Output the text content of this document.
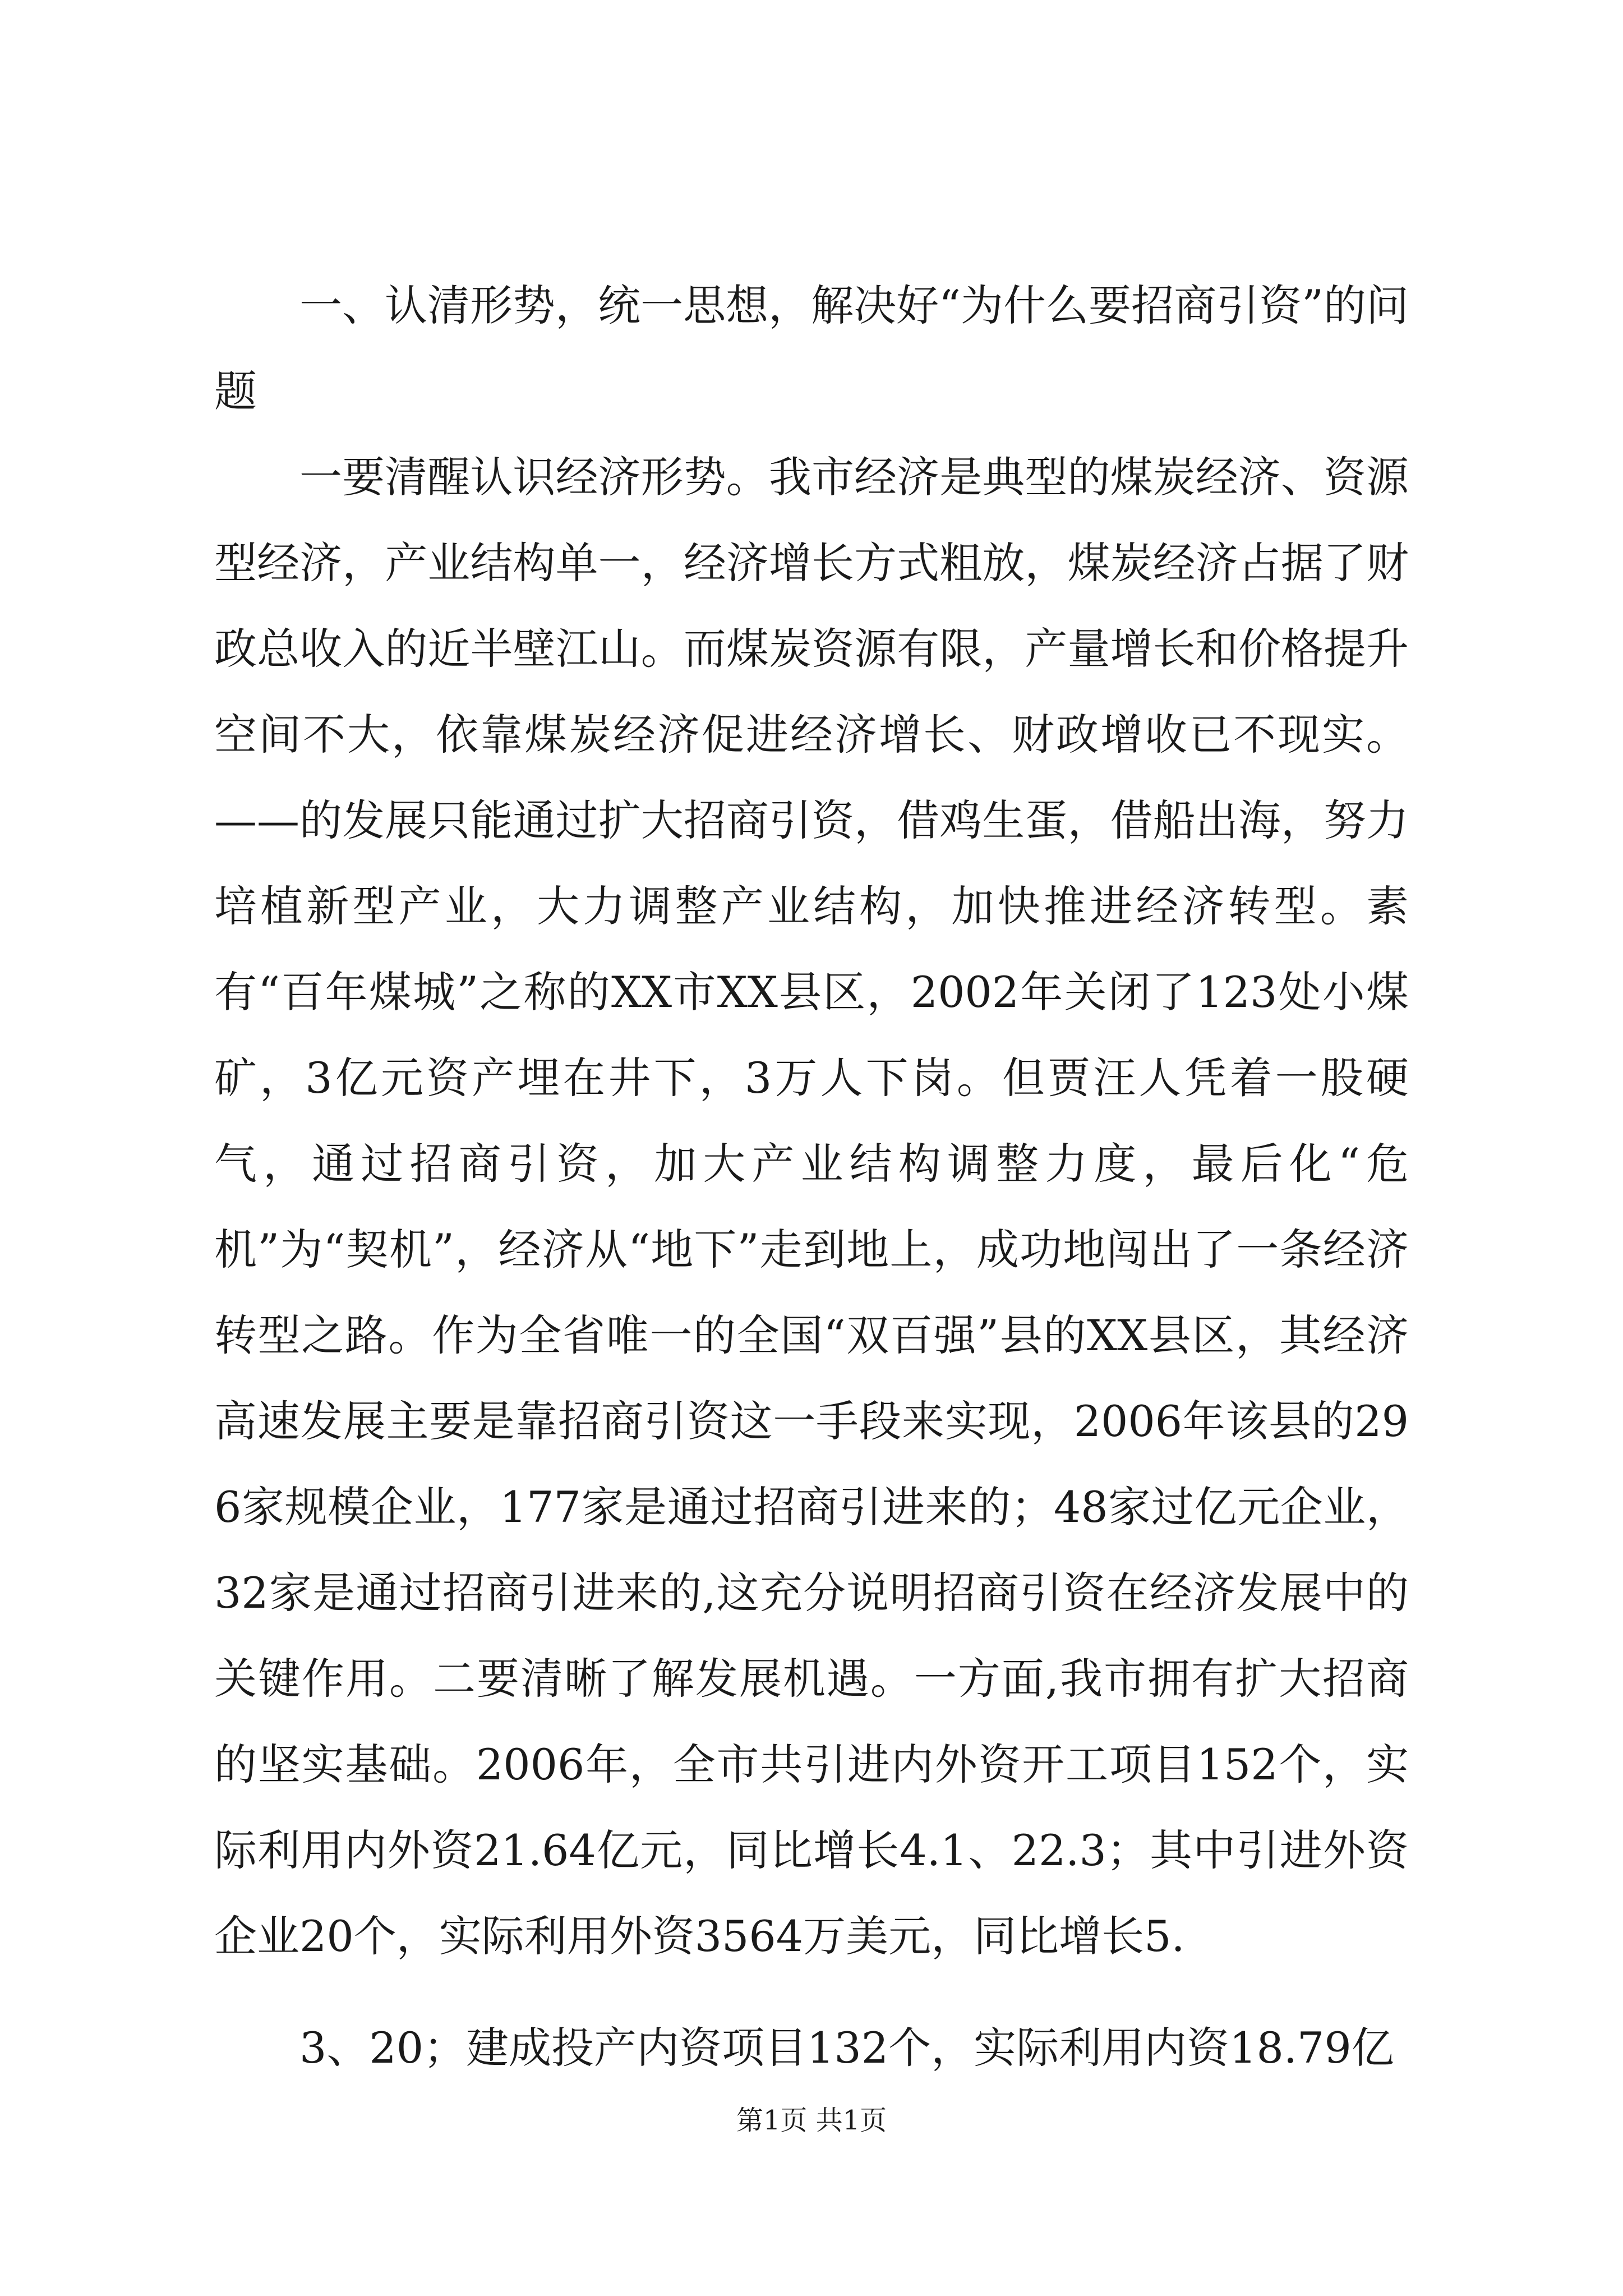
一、认清形势，统一思想，解决好“为什么要招商引资”的问题

一要清醒认识经济形势。我市经济是典型的煤炭经济、资源型经济，产业结构单一，经济增长方式粗放，煤炭经济占据了财政总收入的近半壁江山。而煤炭资源有限，产量增长和价格提升空间不大，依靠煤炭经济促进经济增长、财政增收已不现实。——的发展只能通过扩大招商引资，借鸡生蛋，借船出海，努力培植新型产业，大力调整产业结构，加快推进经济转型。素有“百年煤城”之称的XX市XX县区，2002年关闭了123处小煤矿，3亿元资产埋在井下，3万人下岗。但贾汪人凭着一股硬气，通过招商引资，加大产业结构调整力度，最后化“危机”为“契机”，经济从“地下”走到地上，成功地闯出了一条经济转型之路。作为全省唯一的全国“双百强”县的XX县区，其经济高速发展主要是靠招商引资这一手段来实现，2006年该县的296家规模企业，177家是通过招商引进来的；48家过亿元企业，32家是通过招商引进来的,这充分说明招商引资在经济发展中的关键作用。二要清晰了解发展机遇。一方面,我市拥有扩大招商的坚实基础。2006年，全市共引进内外资开工项目152个，实际利用内外资21.64亿元，同比增长4.1、22.3；其中引进外资企业20个，实际利用外资3564万美元，同比增长5.

3、20；建成投产内资项目132个，实际利用内资18.79亿

第1页 共1页
